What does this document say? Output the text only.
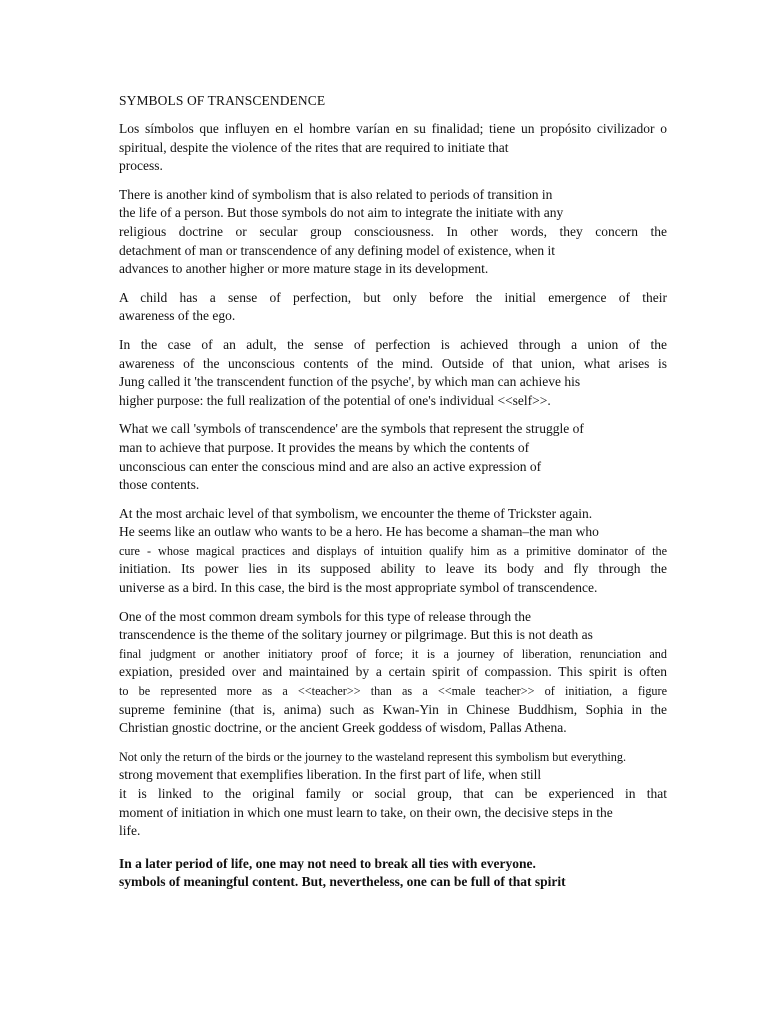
SYMBOLS OF TRANSCENDENCE
Los símbolos que influyen en el hombre varían en su finalidad; tiene un propósito civilizador o
spiritual, despite the violence of the rites that are required to initiate that
process.
There is another kind of symbolism that is also related to periods of transition in
the life of a person. But those symbols do not aim to integrate the initiate with any
religious doctrine or secular group consciousness. In other words, they concern the
detachment of man or transcendence of any defining model of existence, when it
advances to another higher or more mature stage in its development.
A child has a sense of perfection, but only before the initial emergence of their
awareness of the ego.
In the case of an adult, the sense of perfection is achieved through a union of the
awareness of the unconscious contents of the mind. Outside of that union, what arises is
Jung called it 'the transcendent function of the psyche', by which man can achieve his
higher purpose: the full realization of the potential of one's individual <<self>>.
What we call 'symbols of transcendence' are the symbols that represent the struggle of
man to achieve that purpose. It provides the means by which the contents of
unconscious can enter the conscious mind and are also an active expression of
those contents.
At the most archaic level of that symbolism, we encounter the theme of Trickster again.
He seems like an outlaw who wants to be a hero. He has become a shaman–the man who
cure - whose magical practices and displays of intuition qualify him as a primitive dominator of the
initiation. Its power lies in its supposed ability to leave its body and fly through the
universe as a bird. In this case, the bird is the most appropriate symbol of transcendence.
One of the most common dream symbols for this type of release through the
transcendence is the theme of the solitary journey or pilgrimage. But this is not death as
final judgment or another initiatory proof of force; it is a journey of liberation, renunciation and
expiation, presided over and maintained by a certain spirit of compassion. This spirit is often
to be represented more as a <<teacher>> than as a <<male teacher>> of initiation, a figure
supreme feminine (that is, anima) such as Kwan-Yin in Chinese Buddhism, Sophia in the
Christian gnostic doctrine, or the ancient Greek goddess of wisdom, Pallas Athena.
Not only the return of the birds or the journey to the wasteland represent this symbolism but everything.
strong movement that exemplifies liberation. In the first part of life, when still
it is linked to the original family or social group, that can be experienced in that
moment of initiation in which one must learn to take, on their own, the decisive steps in the
life.
In a later period of life, one may not need to break all ties with everyone.
symbols of meaningful content. But, nevertheless, one can be full of that spirit
